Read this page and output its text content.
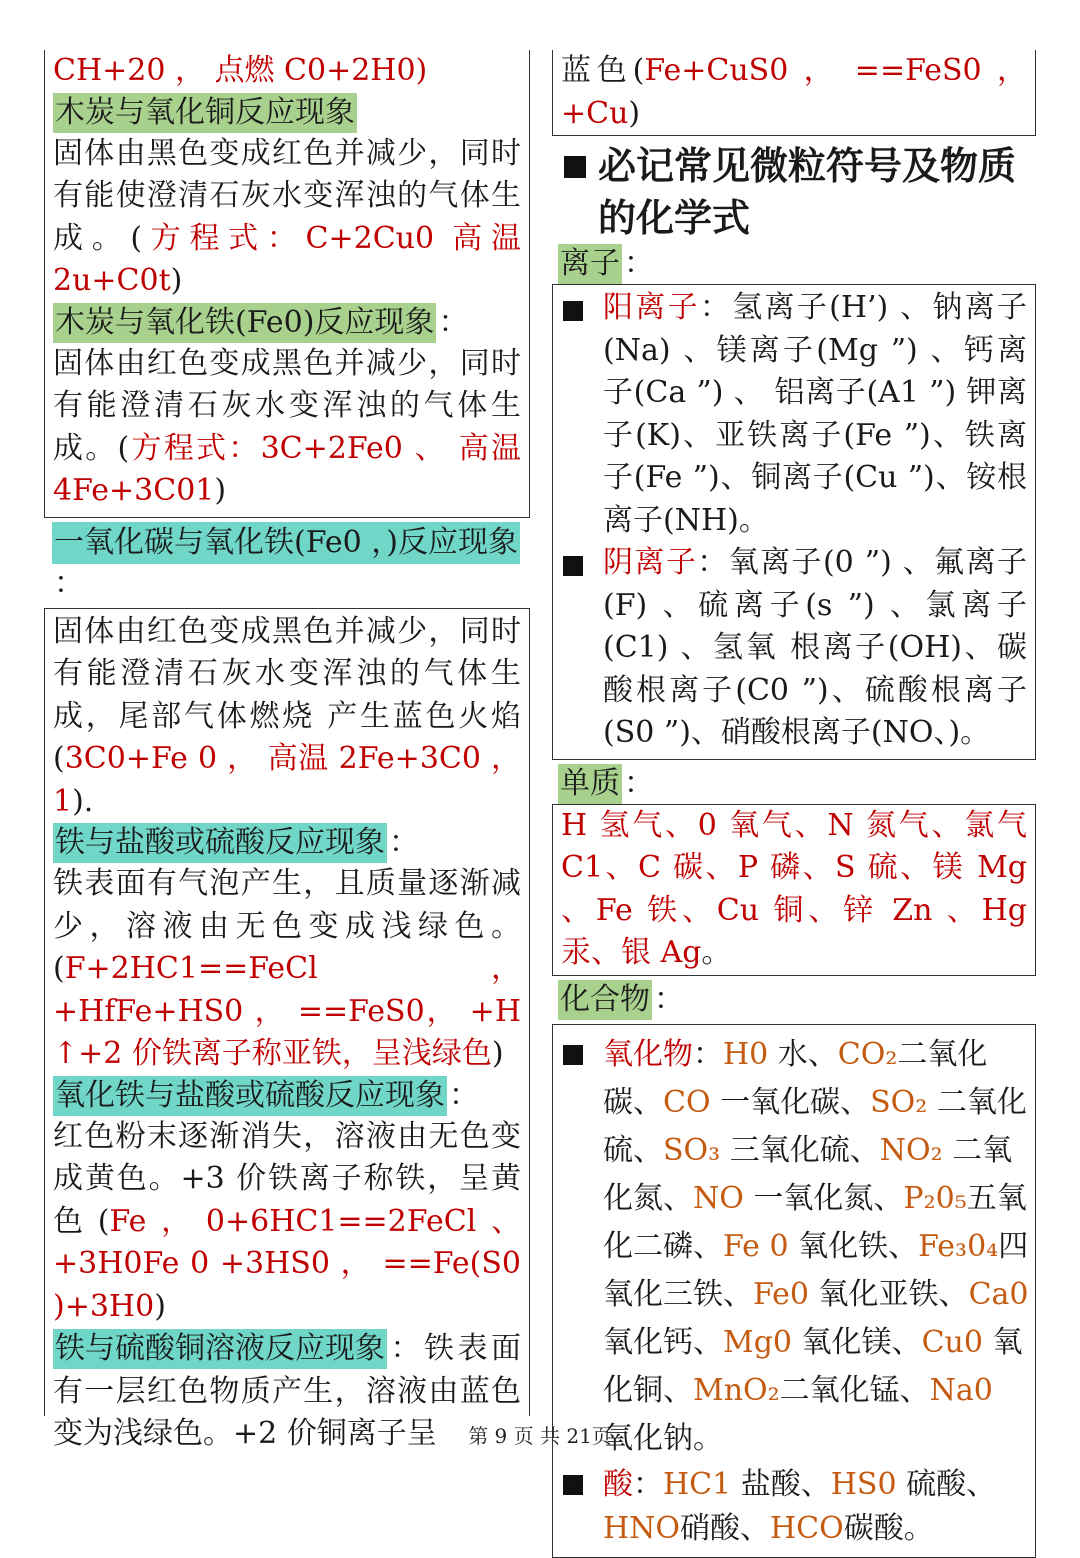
CH+20 ， 点燃 C0+2H0)
木炭与氧化铜反应现象
固体由黑色变成红色并减少，同时有能使澄清石灰水变浑浊的气体生成。(方程式：C+2Cu0 高温 2u+C0t)
木炭与氧化铁(Fe0)反应现象 ：
固体由红色变成黑色并减少，同时有能澄清石灰水变浑浊的气体生成。(方程式：3C+2Fe0 、 高温 4Fe+3C01)
一氧化碳与氧化铁(Fe0 ，)反应现象：
固体由红色变成黑色并减少，同时有能澄清石灰水变浑浊的气体生成，尾部气体燃烧 产生蓝色火焰(3C0+Fe 0 ， 高温 2Fe+3C0 ， 1).
铁与盐酸或硫酸反应现象 ：
铁表面有气泡产生，且质量逐渐减少，溶液由无色变成浅绿色。(F+2HC1==FeCl ， +HfFe+HS0 ， ==FeS0， +H ↑+2 价铁离子称亚铁，呈浅绿色)
氧化铁与盐酸或硫酸反应现象 ：
红色粉末逐渐消失，溶液由无色变成黄色。+3 价铁离子称铁，呈黄色(Fe，0+6HC1==2FeCl、+3H0Fe 0 +3HS0 ， ==Fe(S0 )+3H0)
铁与硫酸铜溶液反应现象：铁表面有一层红色物质产生，溶液由蓝色变为浅绿色。+2 价铜离子呈
蓝色(Fe+CuS0 ， ==FeS0 ， +Cu)
必记常见微粒符号及物质的化学式
离子 ：
阳离子：氢离子(H’) 、钠离子(Na) 、镁离子(Mg ”) 、钙离子(Ca ”) 、 铝离子(A1 ”) 钾离子(K)、亚铁离子(Fe ”)、铁离子(Fe ”)、铜离子(Cu ”)、铵根离子(NH)。
阴离子：氧离子(0 ”) 、氟离子(F) 、硫离子(s ”) 、氯离子(C1) 、氢氧 根离子(OH)、碳酸根离子(C0 ”)、硫酸根离子(S0 ”)、硝酸根离子(NO、)。
单质 ：
H 氢气、0 氧气、N 氮气、氯气 C1、C 碳、P 磷、S 硫、镁 Mg 、Fe 铁、Cu 铜、锌 Zn 、Hg 汞、银 Ag。
化合物 ：
氧化物：H0 水、CO₂二氧化碳、CO 一氧化碳、SO₂ 二氧化硫、SO₃ 三氧化硫、NO₂ 二氧化氮、NO 一氧化氮、P₂0₅五氧化二磷、Fe 0 氧化铁、Fe₃0₄四氧化三铁、Fe0 氧化亚铁、Ca0 氧化钙、Mg0 氧化镁、Cu0 氧化铜、MnO₂二氧化锰、Na0 氧化钠。
酸：HC1 盐酸、HS0 硫酸、HNO硝酸、HCO碳酸。
第 9 页 共 21页
